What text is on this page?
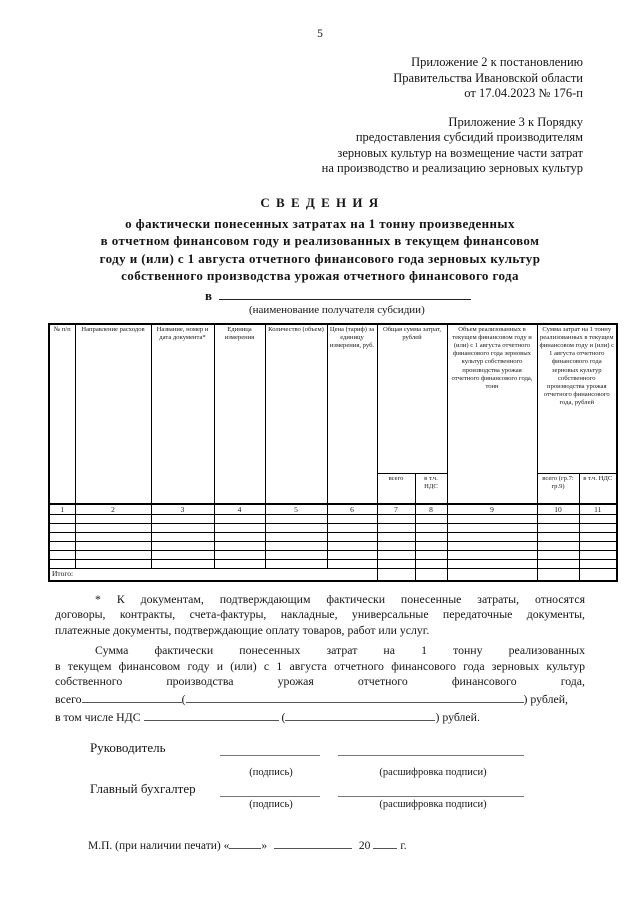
5
Приложение 2 к постановлению
Правительства Ивановской области
от 17.04.2023 № 176-п
Приложение 3 к Порядку
предоставления субсидий производителям
зерновых культур на возмещение части затрат
на производство и реализацию зерновых культур
С В Е Д Е Н И Я
о фактически понесенных затратах на 1 тонну произведенных
в отчетном финансовом году и реализованных в текущем финансовом
году и (или) с 1 августа отчетного финансового года зерновых культур
собственного производства урожая отчетного финансового года
в
(наименование получателя субсидии)
№ п/п	Направление расходов	Название, номер и дата документа*	Единица измерения	Количество (объем)	Цена (тариф) за единицу измерения, руб.	Общая сумма затрат, рублей		Объем реализованных в текущем финансовом году и (или) с 1 августа отчетного финансового года зерновых культур собственного производства урожая отчетного финансового года, тонн	Сумма затрат на 1 тонну реализованных в текущем финансовом году и (или) с 1 августа отчетного финансового года зерновых культур собственного производства урожая отчетного финансового года, рублей	
						всего	в т.ч. НДС		всего (гр.7: гр.9)	в т.ч. НДС
1	2	3	4	5	6	7	8	9	10	11

Итого:										
* К документам, подтверждающим фактически понесенные затраты, относятся
договоры, контракты, счета-фактуры, накладные, универсальные передаточные документы,
платежные документы, подтверждающие оплату товаров, работ или услуг.
Сумма фактически понесенных затрат на 1 тонну реализованных
в текущем финансовом году и (или) с 1 августа отчетного финансового года зерновых культур
собственного производства урожая отчетного финансового года,
всего	(	) рублей,
в том числе НДС	(	) рублей.
Руководитель
(подпись)	(расшифровка подписи)
Главный бухгалтер
(подпись)	(расшифровка подписи)
М.П. (при наличии печати) «	»	20	г.
